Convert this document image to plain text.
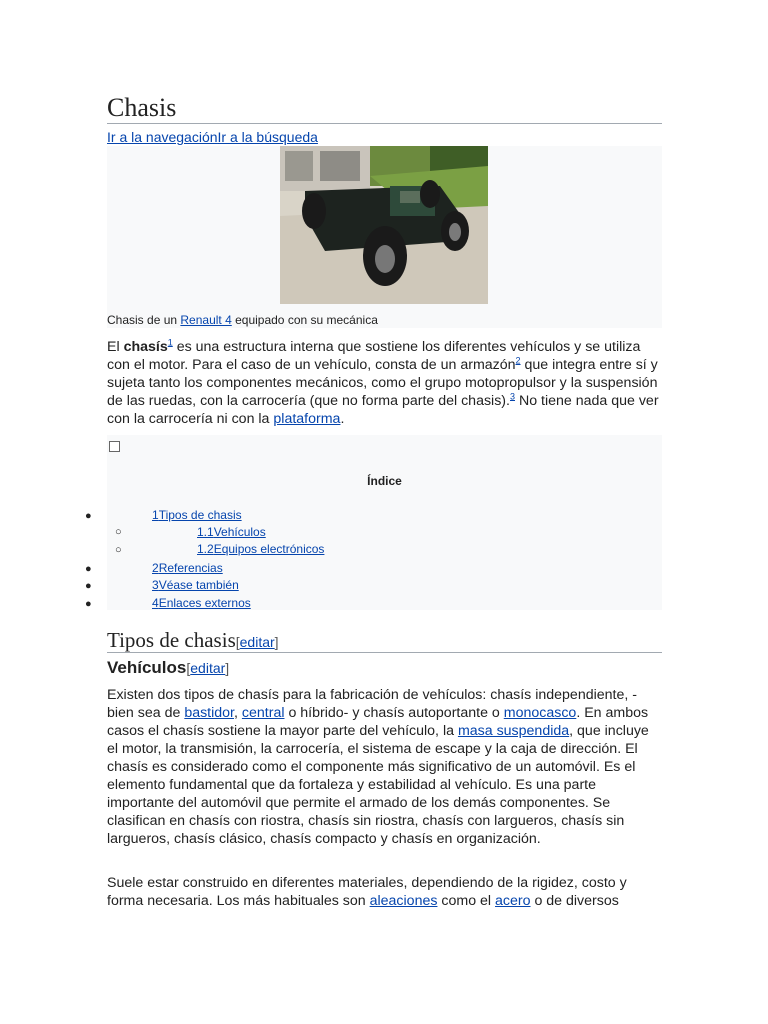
Chasis
Ir a la navegaciónIr a la búsqueda
Chasis de un Renault 4 equipado con su mecánica

El chasís$^1$ es una estructura interna que sostiene los diferentes vehículos y se utiliza con el motor. Para el caso de un vehículo, consta de un armazón$^2$ que integra entre sí y sujeta tanto los componentes mecánicos, como el grupo motopropulsor y la suspensión de las ruedas, con la carrocería (que no forma parte del chasis).$^3$ No tiene nada que ver con la carrocería ni con la plataforma.

Índice
●	1Tipos de chasis
○	1.1Vehículos
○	1.2Equipos electrónicos
●	2Referencias
●	3Véase también
●	4Enlaces externos
Tipos de chasis[editar]
Vehículos[editar]

Existen dos tipos de chasís para la fabricación de vehículos: chasís independiente, -bien sea de bastidor, central o híbrido- y chasís autoportante o monocasco. En ambos casos el chasís sostiene la mayor parte del vehículo, la masa suspendida, que incluye el motor, la transmisión, la carrocería, el sistema de escape y la caja de dirección. El chasís es considerado como el componente más significativo de un automóvil. Es el elemento fundamental que da fortaleza y estabilidad al vehículo. Es una parte importante del automóvil que permite el armado de los demás componentes. Se clasifican en chasís con riostra, chasís sin riostra, chasís con largueros, chasís sin largueros, chasís clásico, chasís compacto y chasís en organización.

Suele estar construido en diferentes materiales, dependiendo de la rigidez, costo y forma necesaria. Los más habituales son aleaciones como el acero o de diversos
